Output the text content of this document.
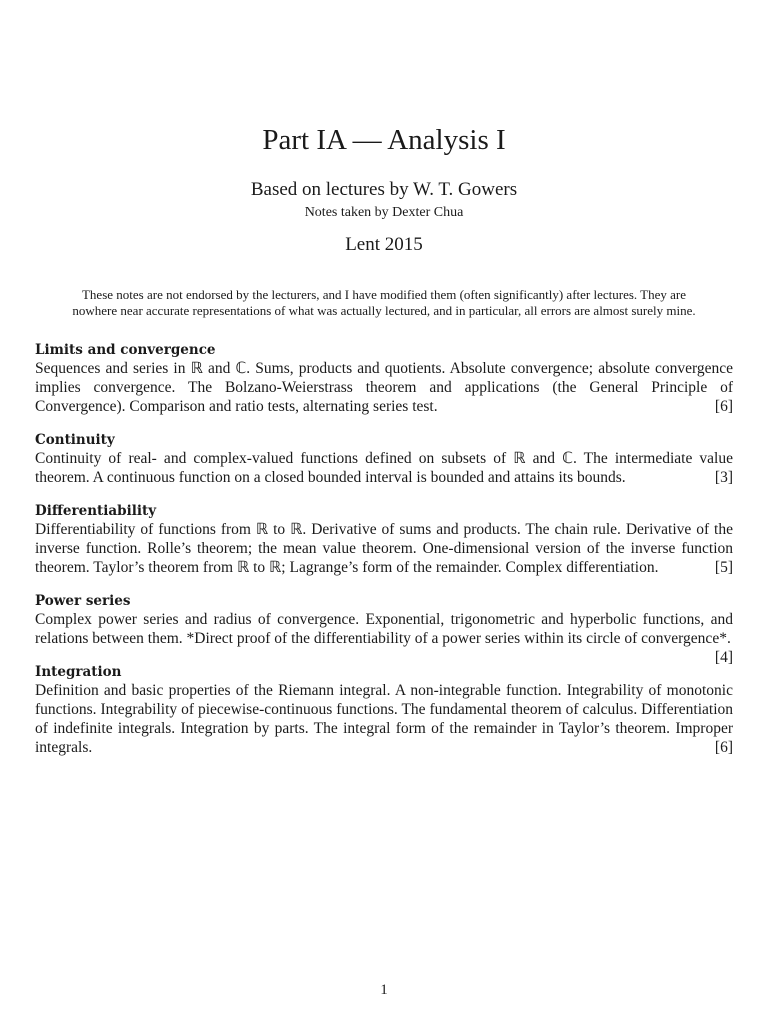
Part IA — Analysis I
Based on lectures by W. T. Gowers
Notes taken by Dexter Chua
Lent 2015
These notes are not endorsed by the lecturers, and I have modified them (often significantly) after lectures. They are nowhere near accurate representations of what was actually lectured, and in particular, all errors are almost surely mine.
Limits and convergence

Sequences and series in ℝ and ℂ. Sums, products and quotients. Absolute convergence; absolute convergence implies convergence. The Bolzano-Weierstrass theorem and applications (the General Principle of Convergence). Comparison and ratio tests, alternating series test.	[6]

Continuity

Continuity of real- and complex-valued functions defined on subsets of ℝ and ℂ. The intermediate value theorem. A continuous function on a closed bounded interval is bounded and attains its bounds.	[3]

Differentiability

Differentiability of functions from ℝ to ℝ. Derivative of sums and products. The chain rule. Derivative of the inverse function. Rolle’s theorem; the mean value theorem. One-dimensional version of the inverse function theorem. Taylor’s theorem from ℝ to ℝ; Lagrange’s form of the remainder. Complex differentiation.	[5]

Power series

Complex power series and radius of convergence. Exponential, trigonometric and hyperbolic functions, and relations between them. *Direct proof of the differentiability of a power series within its circle of convergence*.
[4]

Integration

Definition and basic properties of the Riemann integral. A non-integrable function. Integrability of monotonic functions. Integrability of piecewise-continuous functions. The fundamental theorem of calculus. Differentiation of indefinite integrals. Integration by parts. The integral form of the remainder in Taylor’s theorem. Improper integrals.	[6]

1
